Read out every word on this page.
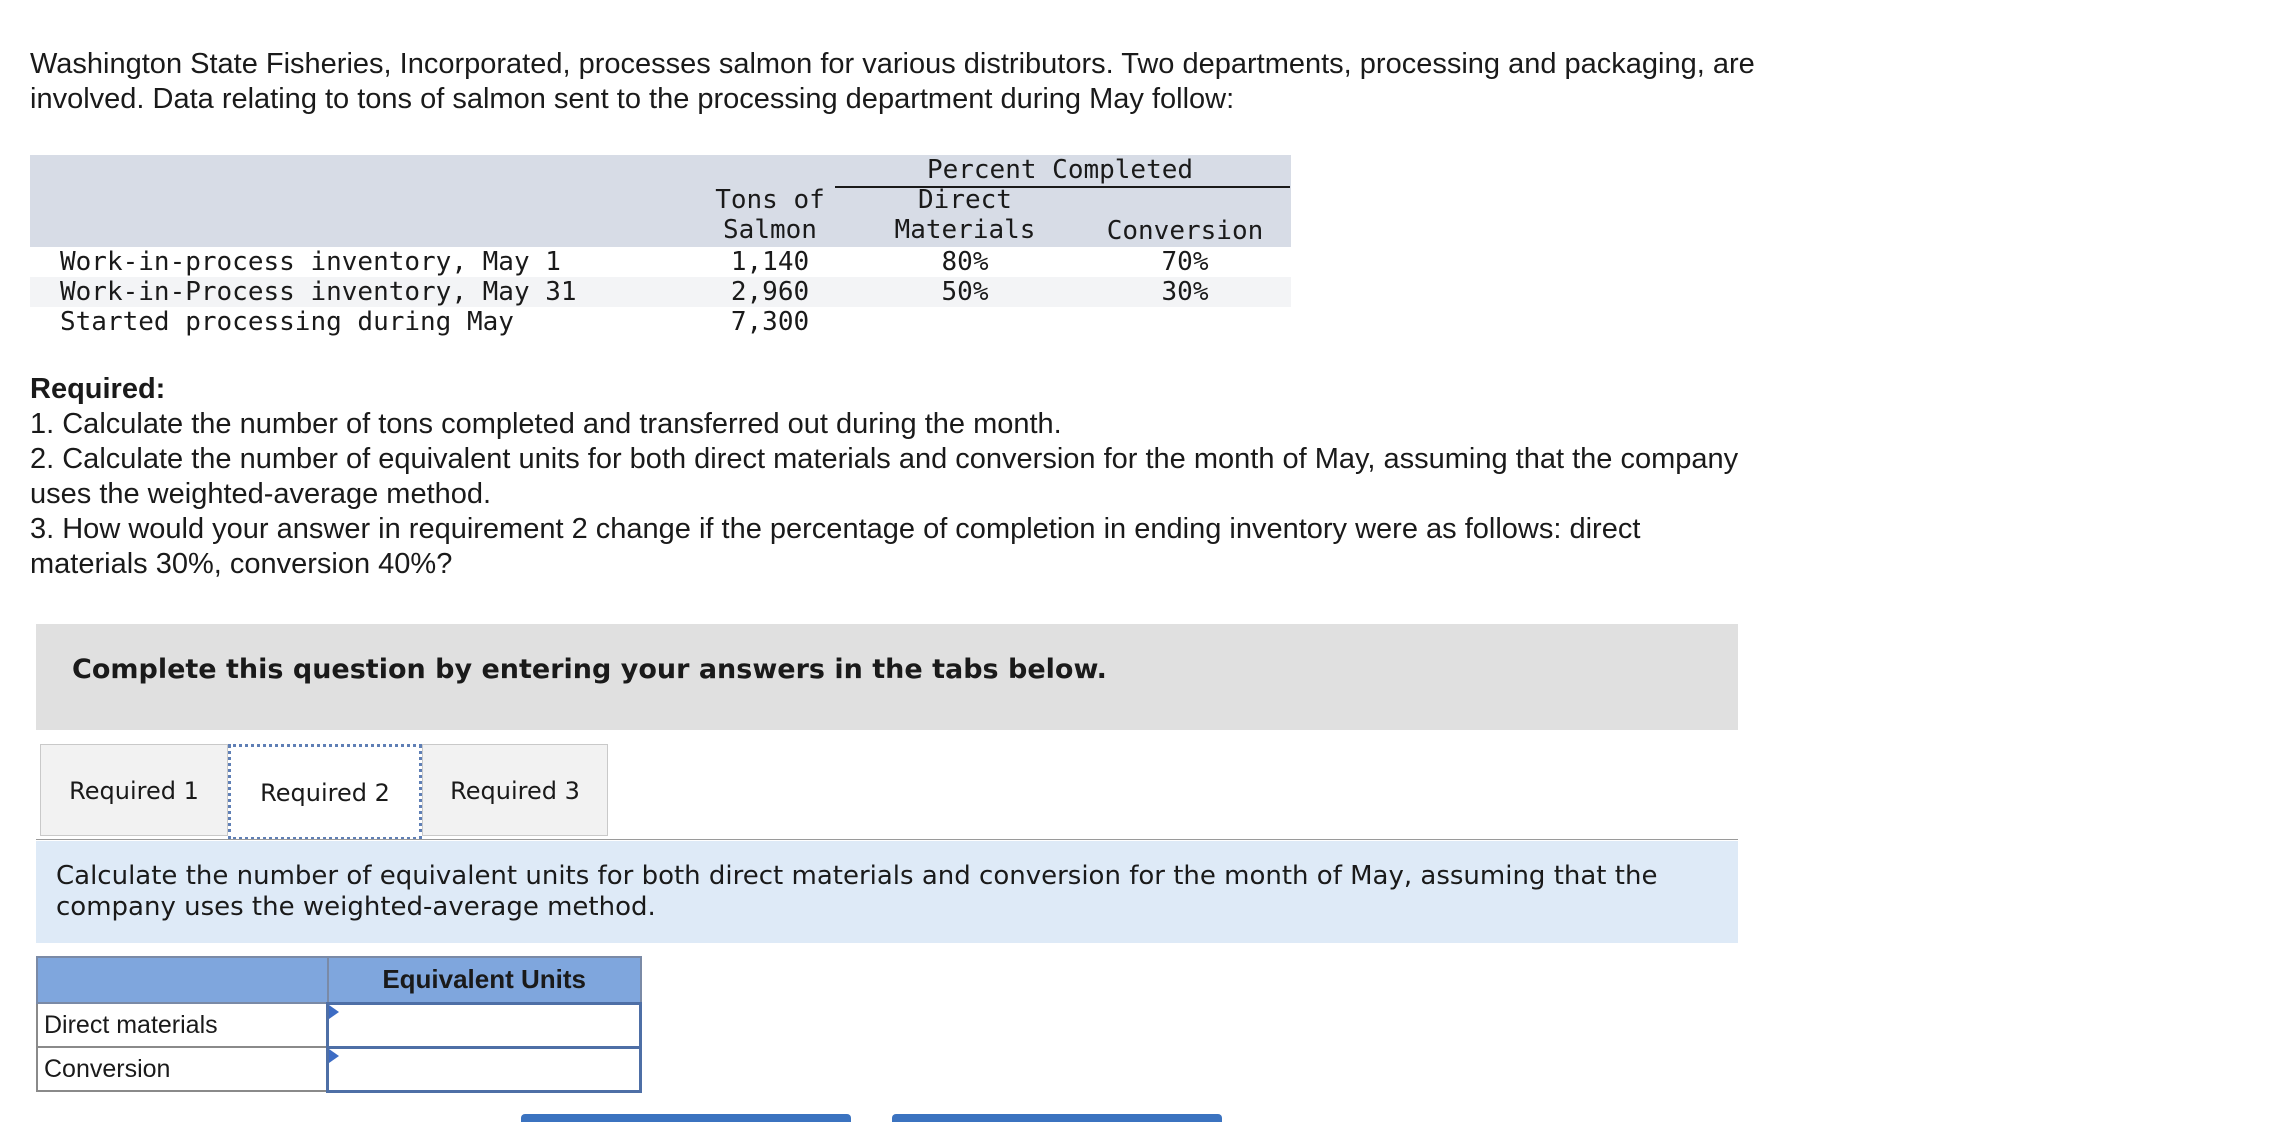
Washington State Fisheries, Incorporated, processes salmon for various distributors. Two departments, processing and packaging, are

involved. Data relating to tons of salmon sent to the processing department during May follow:

Percent Completed
Tons of
Salmon
Direct
Materials	Conversion
Work-in-process inventory, May 1	1,140	80%	70%
Work-in-Process inventory, May 31	2,960	50%	30%
Started processing during May	7,300

Required:

1. Calculate the number of tons completed and transferred out during the month.

2. Calculate the number of equivalent units for both direct materials and conversion for the month of May, assuming that the company

uses the weighted-average method.

3. How would your answer in requirement 2 change if the percentage of completion in ending inventory were as follows: direct

materials 30%, conversion 40%?

Complete this question by entering your answers in the tabs below.
Required 1	Required 2	Required 3
Calculate the number of equivalent units for both direct materials and conversion for the month of May, assuming that the company uses the weighted-average method.
	Equivalent Units
Direct materials	

Conversion	
